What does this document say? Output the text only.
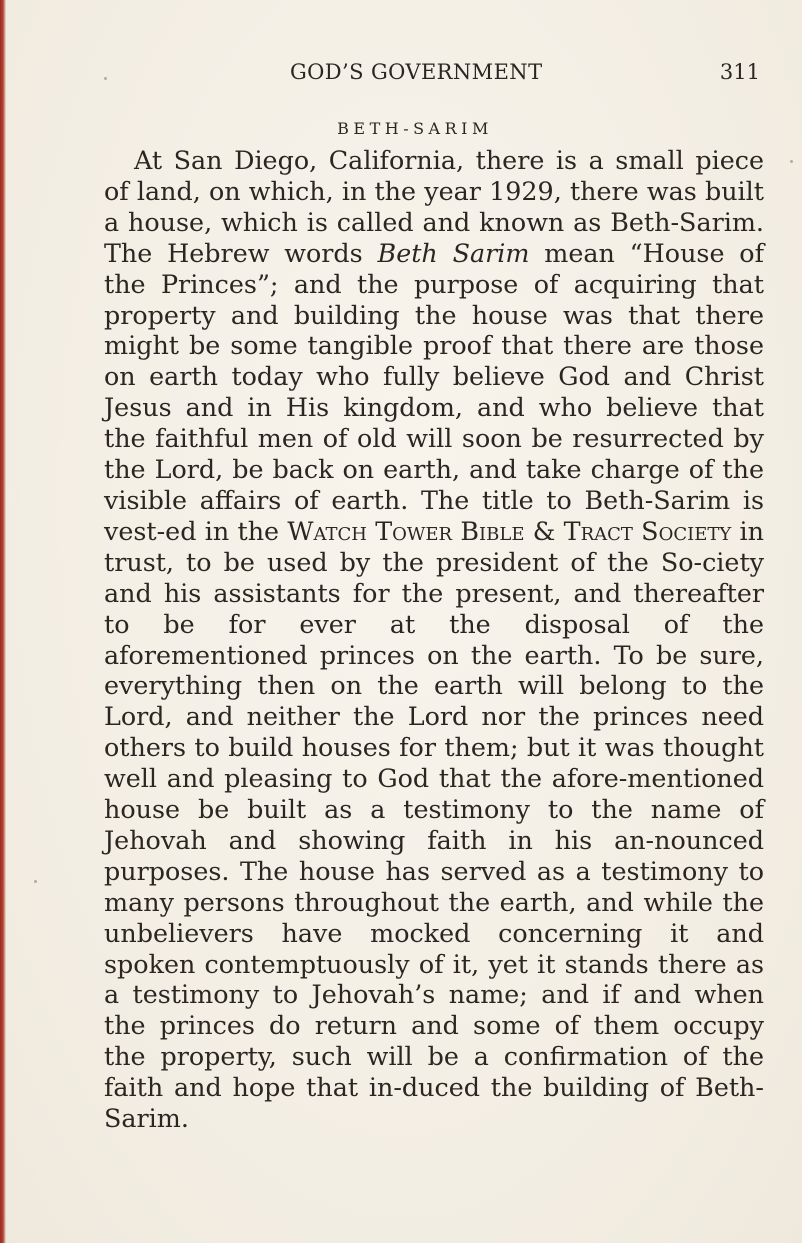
GOD’S GOVERNMENT	311
BETH-SARIM

At San Diego, California, there is a small piece of land, on which, in the year 1929, there was built a house, which is called and known as Beth-Sarim. The Hebrew words Beth Sarim mean “House of the Princes”; and the purpose of acquiring that property and building the house was that there might be some tangible proof that there are those on earth today who fully believe God and Christ Jesus and in His kingdom, and who believe that the faithful men of old will soon be resurrected by the Lord, be back on earth, and take charge of the visible affairs of earth. The title to Beth-Sarim is vest-ed in the Watch Tower Bible & Tract Society in trust, to be used by the president of the So-ciety and his assistants for the present, and thereafter to be for ever at the disposal of the aforementioned princes on the earth. To be sure, everything then on the earth will belong to the Lord, and neither the Lord nor the princes need others to build houses for them; but it was thought well and pleasing to God that the afore-mentioned house be built as a testimony to the name of Jehovah and showing faith in his an-nounced purposes. The house has served as a testimony to many persons throughout the earth, and while the unbelievers have mocked concerning it and spoken contemptuously of it, yet it stands there as a testimony to Jehovah’s name; and if and when the princes do return and some of them occupy the property, such will be a confirmation of the faith and hope that in-duced the building of Beth-Sarim.
